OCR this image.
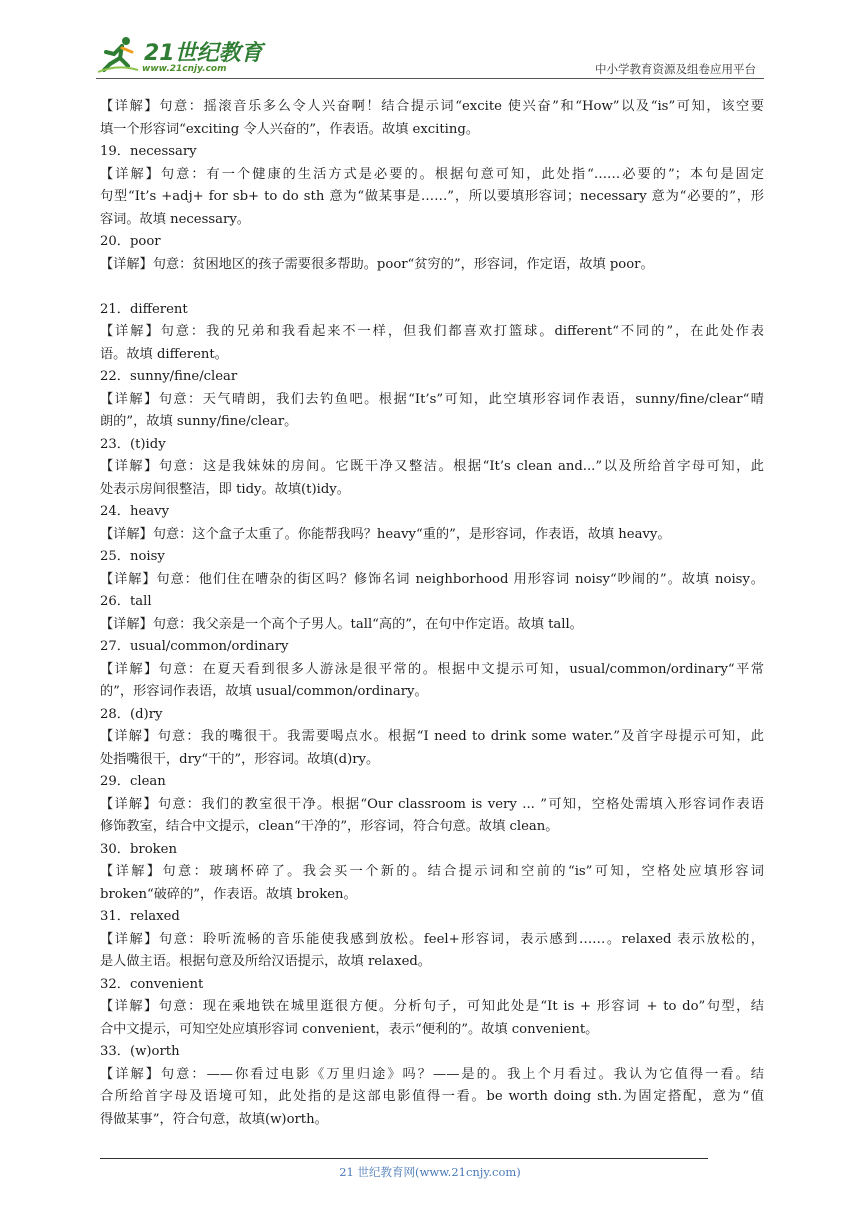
21世纪教育
www.21cnjy.com	中小学教育资源及组卷应用平台
【详解】句意：摇滚音乐多么令人兴奋啊！结合提示词“excite 使兴奋”和“How”以及“is”可知，该空要
填一个形容词“exciting 令人兴奋的”，作表语。故填 exciting。
19．necessary
【详解】句意：有一个健康的生活方式是必要的。根据句意可知，此处指“……必要的”；本句是固定
句型“It’s +adj+ for sb+ to do sth 意为“做某事是……”，所以要填形容词；necessary 意为“必要的”，形
容词。故填 necessary。
20．poor
【详解】句意：贫困地区的孩子需要很多帮助。poor“贫穷的”，形容词，作定语，故填 poor。
21．different
【详解】句意：我的兄弟和我看起来不一样，但我们都喜欢打篮球。different“不同的”，在此处作表
语。故填 different。
22．sunny/fine/clear
【详解】句意：天气晴朗，我们去钓鱼吧。根据“It’s”可知，此空填形容词作表语，sunny/fine/clear“晴
朗的”，故填 sunny/fine/clear。
23．(t)idy
【详解】句意：这是我妹妹的房间。它既干净又整洁。根据“It’s clean and...”以及所给首字母可知，此
处表示房间很整洁，即 tidy。故填(t)idy。
24．heavy
【详解】句意：这个盒子太重了。你能帮我吗？heavy“重的”，是形容词，作表语，故填 heavy。
25．noisy
【详解】句意：他们住在嘈杂的街区吗？修饰名词 neighborhood 用形容词 noisy“吵闹的”。故填 noisy。
26．tall
【详解】句意：我父亲是一个高个子男人。tall“高的”，在句中作定语。故填 tall。
27．usual/common/ordinary
【详解】句意：在夏天看到很多人游泳是很平常的。根据中文提示可知，usual/common/ordinary“平常
的”，形容词作表语，故填 usual/common/ordinary。
28．(d)ry
【详解】句意：我的嘴很干。我需要喝点水。根据“I need to drink some water.”及首字母提示可知，此
处指嘴很干，dry“干的”，形容词。故填(d)ry。
29．clean
【详解】句意：我们的教室很干净。根据“Our classroom is very ... ”可知，空格处需填入形容词作表语
修饰教室，结合中文提示，clean“干净的”，形容词，符合句意。故填 clean。
30．broken
【详解】句意：玻璃杯碎了。我会买一个新的。结合提示词和空前的“is”可知，空格处应填形容词
broken“破碎的”，作表语。故填 broken。
31．relaxed
【详解】句意：聆听流畅的音乐能使我感到放松。feel+形容词，表示感到……。relaxed 表示放松的，
是人做主语。根据句意及所给汉语提示，故填 relaxed。
32．convenient
【详解】句意：现在乘地铁在城里逛很方便。分析句子，可知此处是“It is + 形容词 + to do”句型，结
合中文提示，可知空处应填形容词 convenient，表示“便利的”。故填 convenient。
33．(w)orth
【详解】句意：——你看过电影《万里归途》吗？——是的。我上个月看过。我认为它值得一看。结
合所给首字母及语境可知，此处指的是这部电影值得一看。be worth doing sth.为固定搭配，意为“值
得做某事”，符合句意，故填(w)orth。
21 世纪教育网(www.21cnjy.com)
